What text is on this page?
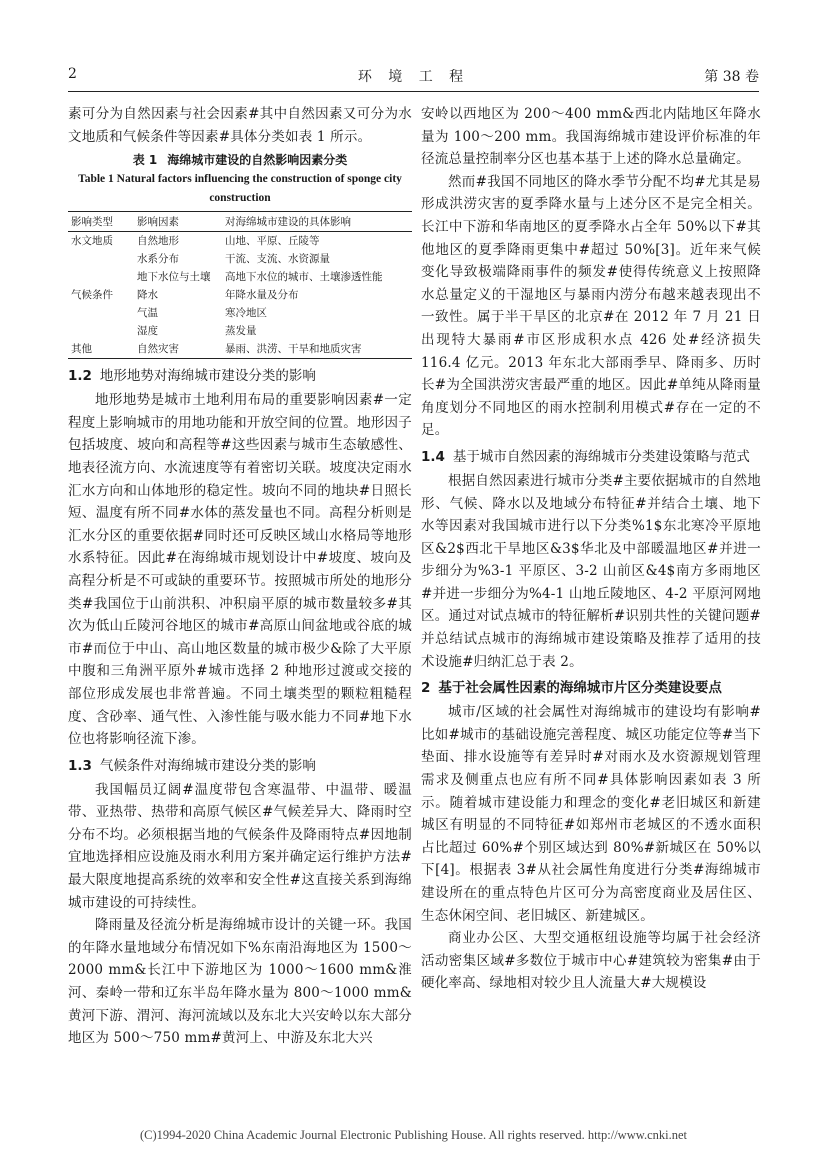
2	环 境 工 程	第 38 卷

素可分为自然因素与社会因素#其中自然因素又可分为水文地质和气候条件等因素#具体分类如表 1 所示。

表 1 海绵城市建设的自然影响因素分类
Table 1 Natural factors influencing the construction of sponge city construction
影响类型	影响因素	对海绵城市建设的具体影响
水文地质	自然地形	山地、平原、丘陵等
	水系分布	干流、支流、水资源量
	地下水位与土壤	高地下水位的城市、土壤渗透性能
气候条件	降水	年降水量及分布
	气温	寒冷地区
	湿度	蒸发量
其他	自然灾害	暴雨、洪涝、干旱和地质灾害
1.2 地形地势对海绵城市建设分类的影响

地形地势是城市土地利用布局的重要影响因素#一定程度上影响城市的用地功能和开放空间的位置。地形因子包括坡度、坡向和高程等#这些因素与城市生态敏感性、地表径流方向、水流速度等有着密切关联。坡度决定雨水汇水方向和山体地形的稳定性。坡向不同的地块#日照长短、温度有所不同#水体的蒸发量也不同。高程分析则是汇水分区的重要依据#同时还可反映区域山水格局等地形水系特征。因此#在海绵城市规划设计中#坡度、坡向及高程分析是不可或缺的重要环节。按照城市所处的地形分类#我国位于山前洪积、冲积扇平原的城市数量较多#其次为低山丘陵河谷地区的城市#高原山间盆地或谷底的城市#而位于中山、高山地区数量的城市极少&除了大平原中腹和三角洲平原外#城市选择 2 种地形过渡或交接的部位形成发展也非常普遍。不同土壤类型的颗粒粗糙程度、含砂率、通气性、入渗性能与吸水能力不同#地下水位也将影响径流下渗。

1.3 气候条件对海绵城市建设分类的影响

我国幅员辽阔#温度带包含寒温带、中温带、暖温带、亚热带、热带和高原气候区#气候差异大、降雨时空分布不均。必须根据当地的气候条件及降雨特点#因地制宜地选择相应设施及雨水利用方案并确定运行维护方法#最大限度地提高系统的效率和安全性#这直接关系到海绵城市建设的可持续性。

降雨量及径流分析是海绵城市设计的关键一环。我国的年降水量地域分布情况如下%东南沿海地区为 1500～2000 mm&长江中下游地区为 1000～1600 mm&淮河、秦岭一带和辽东半岛年降水量为 800～1000 mm&黄河下游、渭河、海河流域以及东北大兴安岭以东大部分地区为 500～750 mm#黄河上、中游及东北大兴

安岭以西地区为 200～400 mm&西北内陆地区年降水量为 100～200 mm。我国海绵城市建设评价标准的年径流总量控制率分区也基本基于上述的降水总量确定。

然而#我国不同地区的降水季节分配不均#尤其是易形成洪涝灾害的夏季降水量与上述分区不是完全相关。长江中下游和华南地区的夏季降水占全年 50%以下#其他地区的夏季降雨更集中#超过 50%[3]。近年来气候变化导致极端降雨事件的频发#使得传统意义上按照降水总量定义的干湿地区与暴雨内涝分布越来越表现出不一致性。属于半干旱区的北京#在 2012 年 7 月 21 日出现特大暴雨#市区形成积水点 426 处#经济损失 116.4 亿元。2013 年东北大部雨季早、降雨多、历时长#为全国洪涝灾害最严重的地区。因此#单纯从降雨量角度划分不同地区的雨水控制利用模式#存在一定的不足。

1.4 基于城市自然因素的海绵城市分类建设策略与范式

根据自然因素进行城市分类#主要依据城市的自然地形、气候、降水以及地域分布特征#并结合土壤、地下水等因素对我国城市进行以下分类%1$东北寒冷平原地区&2$西北干旱地区&3$华北及中部暖温地区#并进一步细分为%3-1 平原区、3-2 山前区&4$南方多雨地区#并进一步细分为%4-1 山地丘陵地区、4-2 平原河网地区。通过对试点城市的特征解析#识别共性的关键问题#并总结试点城市的海绵城市建设策略及推荐了适用的技术设施#归纳汇总于表 2。

2 基于社会属性因素的海绵城市片区分类建设要点

城市/区域的社会属性对海绵城市的建设均有影响#比如#城市的基础设施完善程度、城区功能定位等#当下垫面、排水设施等有差异时#对雨水及水资源规划管理需求及侧重点也应有所不同#具体影响因素如表 3 所示。随着城市建设能力和理念的变化#老旧城区和新建城区有明显的不同特征#如郑州市老城区的不透水面积占比超过 60%#个别区域达到 80%#新城区在 50%以下[4]。根据表 3#从社会属性角度进行分类#海绵城市建设所在的重点特色片区可分为高密度商业及居住区、生态休闲空间、老旧城区、新建城区。

商业办公区、大型交通枢纽设施等均属于社会经济活动密集区域#多数位于城市中心#建筑较为密集#由于硬化率高、绿地相对较少且人流量大#大规模设

(C)1994-2020 China Academic Journal Electronic Publishing House. All rights reserved. http://www.cnki.net
